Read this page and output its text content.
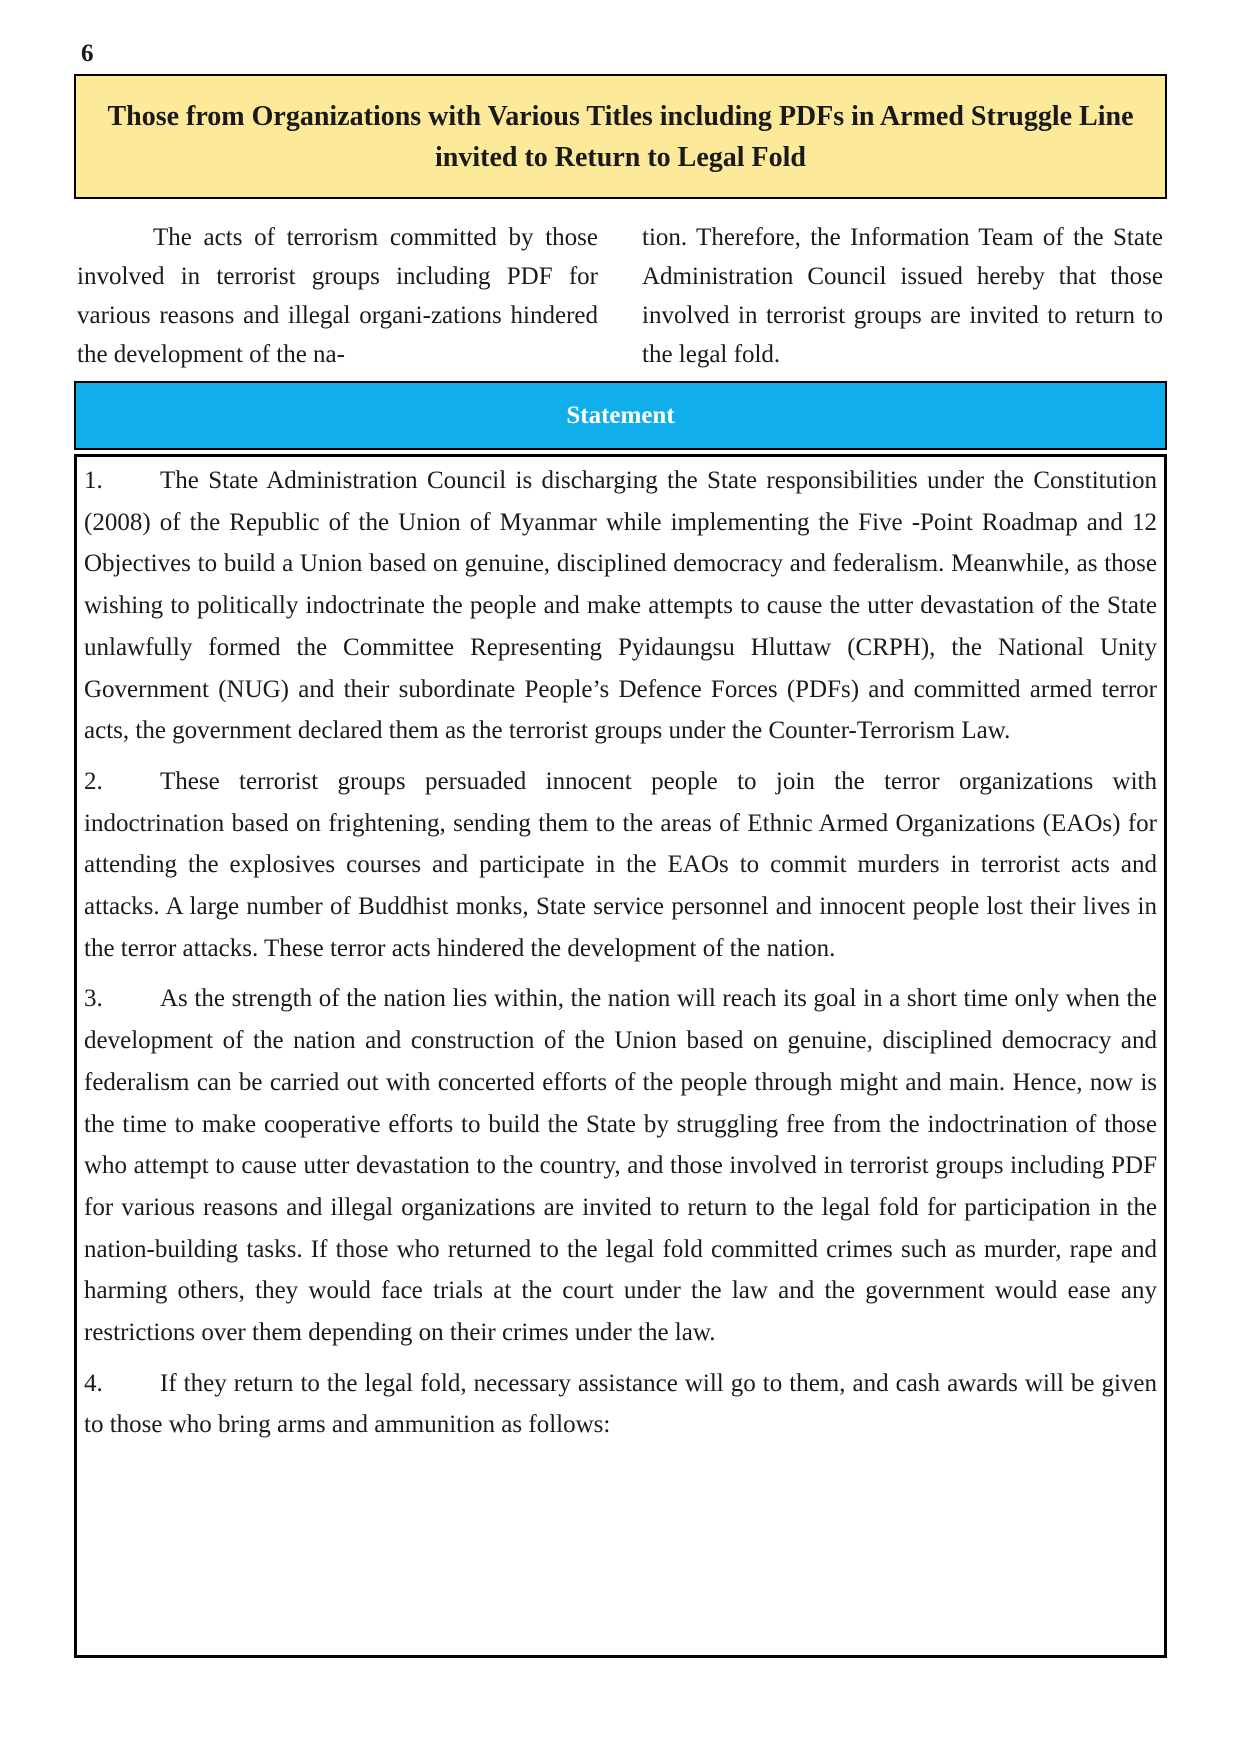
6
Those from Organizations with Various Titles including PDFs in Armed Struggle Line invited to Return to Legal Fold

The acts of terrorism committed by those involved in terrorist groups including PDF for various reasons and illegal organi-zations hindered the development of the na-

tion. Therefore, the Information Team of the State Administration Council issued hereby that those involved in terrorist groups are invited to return to the legal fold.

Statement

1. The State Administration Council is discharging the State responsibilities under the Constitution (2008) of the Republic of the Union of Myanmar while implementing the Five -Point Roadmap and 12 Objectives to build a Union based on genuine, disciplined democracy and federalism. Meanwhile, as those wishing to politically indoctrinate the people and make attempts to cause the utter devastation of the State unlawfully formed the Committee Representing Pyidaungsu Hluttaw (CRPH), the National Unity Government (NUG) and their subordinate People’s Defence Forces (PDFs) and committed armed terror acts, the government declared them as the terrorist groups under the Counter-Terrorism Law.

2. These terrorist groups persuaded innocent people to join the terror organizations with indoctrination based on frightening, sending them to the areas of Ethnic Armed Organizations (EAOs) for attending the explosives courses and participate in the EAOs to commit murders in terrorist acts and attacks. A large number of Buddhist monks, State service personnel and innocent people lost their lives in the terror attacks. These terror acts hindered the development of the nation.

3. As the strength of the nation lies within, the nation will reach its goal in a short time only when the development of the nation and construction of the Union based on genuine, disciplined democracy and federalism can be carried out with concerted efforts of the people through might and main. Hence, now is the time to make cooperative efforts to build the State by struggling free from the indoctrination of those who attempt to cause utter devastation to the country, and those involved in terrorist groups including PDF for various reasons and illegal organizations are invited to return to the legal fold for participation in the nation-building tasks. If those who returned to the legal fold committed crimes such as murder, rape and harming others, they would face trials at the court under the law and the government would ease any restrictions over them depending on their crimes under the law.

4. If they return to the legal fold, necessary assistance will go to them, and cash awards will be given to those who bring arms and ammunition as follows:
